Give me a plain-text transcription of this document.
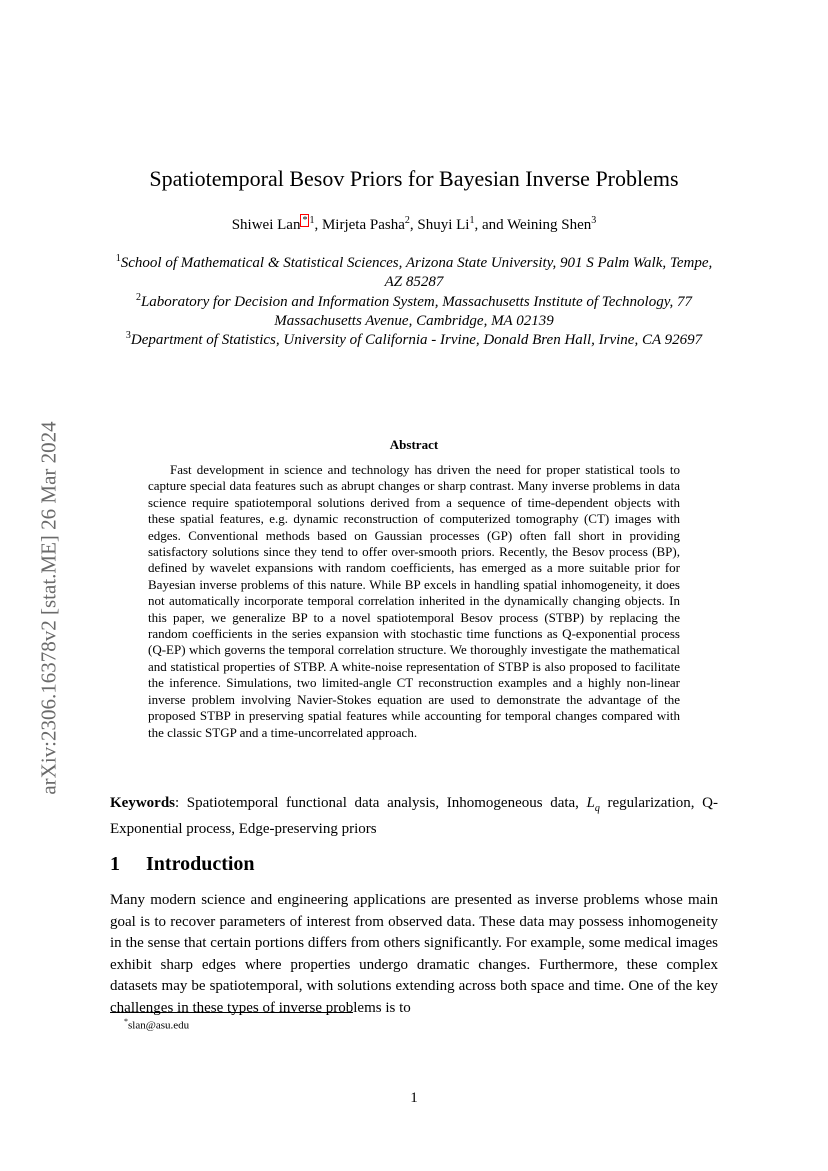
arXiv:2306.16378v2 [stat.ME] 26 Mar 2024
Spatiotemporal Besov Priors for Bayesian Inverse Problems
Shiwei Lan $^{* 1}$, Mirjeta Pasha$^2$, Shuyi Li$^1$, and Weining Shen$^3$
$^1$School of Mathematical & Statistical Sciences, Arizona State University, 901 S Palm Walk, Tempe, AZ 85287
$^2$Laboratory for Decision and Information System, Massachusetts Institute of Technology, 77 Massachusetts Avenue, Cambridge, MA 02139
$^3$Department of Statistics, University of California - Irvine, Donald Bren Hall, Irvine, CA 92697
Abstract
Fast development in science and technology has driven the need for proper statistical tools to capture special data features such as abrupt changes or sharp contrast. Many inverse problems in data science require spatiotemporal solutions derived from a sequence of time-dependent objects with these spatial features, e.g. dynamic reconstruction of computerized tomography (CT) images with edges. Conventional methods based on Gaussian processes (GP) often fall short in providing satisfactory solutions since they tend to offer over-smooth priors. Recently, the Besov process (BP), defined by wavelet expansions with random coefficients, has emerged as a more suitable prior for Bayesian inverse problems of this nature. While BP excels in handling spatial inhomogeneity, it does not automatically incorporate temporal correlation inherited in the dynamically changing objects. In this paper, we generalize BP to a novel spatiotemporal Besov process (STBP) by replacing the random coefficients in the series expansion with stochastic time functions as Q-exponential process (Q-EP) which governs the temporal correlation structure. We thoroughly investigate the mathematical and statistical properties of STBP. A white-noise representation of STBP is also proposed to facilitate the inference. Simulations, two limited-angle CT reconstruction examples and a highly non-linear inverse problem involving Navier-Stokes equation are used to demonstrate the advantage of the proposed STBP in preserving spatial features while accounting for temporal changes compared with the classic STGP and a time-uncorrelated approach.
Keywords: Spatiotemporal functional data analysis, Inhomogeneous data, $L_q$ regularization, Q-Exponential process, Edge-preserving priors
1 Introduction
Many modern science and engineering applications are presented as inverse problems whose main goal is to recover parameters of interest from observed data. These data may possess inhomogeneity in the sense that certain portions differs from others significantly. For example, some medical images exhibit sharp edges where properties undergo dramatic changes. Furthermore, these complex datasets may be spatiotemporal, with solutions extending across both space and time. One of the key challenges in these types of inverse problems is to
*slan@asu.edu
1
